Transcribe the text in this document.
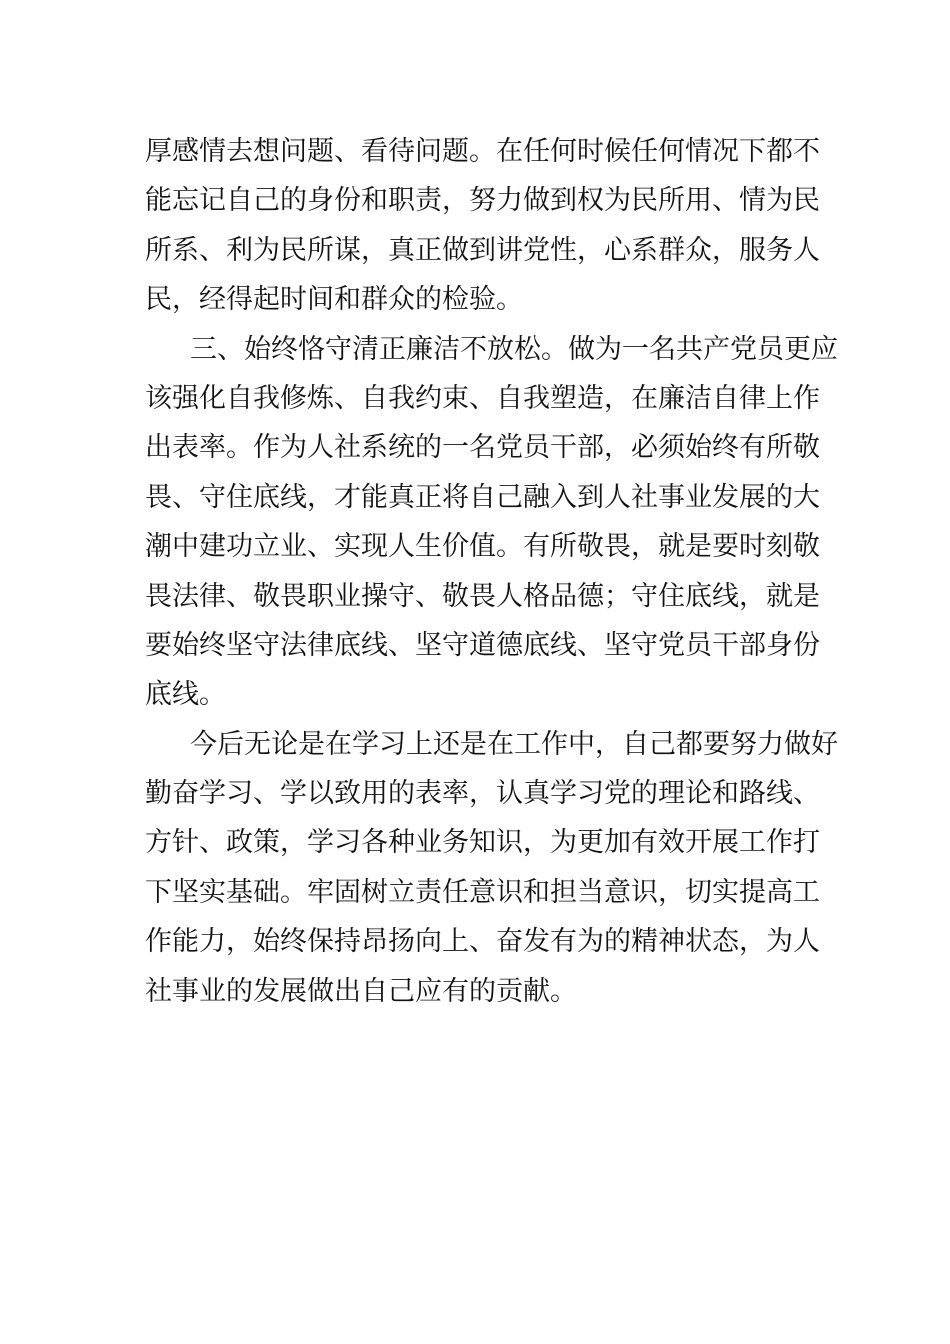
厚感情去想问题、看待问题。在任何时候任何情况下都不
能忘记自己的身份和职责，努力做到权为民所用、情为民
所系、利为民所谋，真正做到讲党性，心系群众，服务人
民，经得起时间和群众的检验。

三、始终恪守清正廉洁不放松。做为一名共产党员更应
该强化自我修炼、自我约束、自我塑造，在廉洁自律上作
出表率。作为人社系统的一名党员干部，必须始终有所敬
畏、守住底线，才能真正将自己融入到人社事业发展的大
潮中建功立业、实现人生价值。有所敬畏，就是要时刻敬
畏法律、敬畏职业操守、敬畏人格品德；守住底线，就是
要始终坚守法律底线、坚守道德底线、坚守党员干部身份
底线。

今后无论是在学习上还是在工作中，自己都要努力做好
勤奋学习、学以致用的表率，认真学习党的理论和路线、
方针、政策，学习各种业务知识，为更加有效开展工作打
下坚实基础。牢固树立责任意识和担当意识，切实提高工
作能力，始终保持昂扬向上、奋发有为的精神状态，为人
社事业的发展做出自己应有的贡献。
